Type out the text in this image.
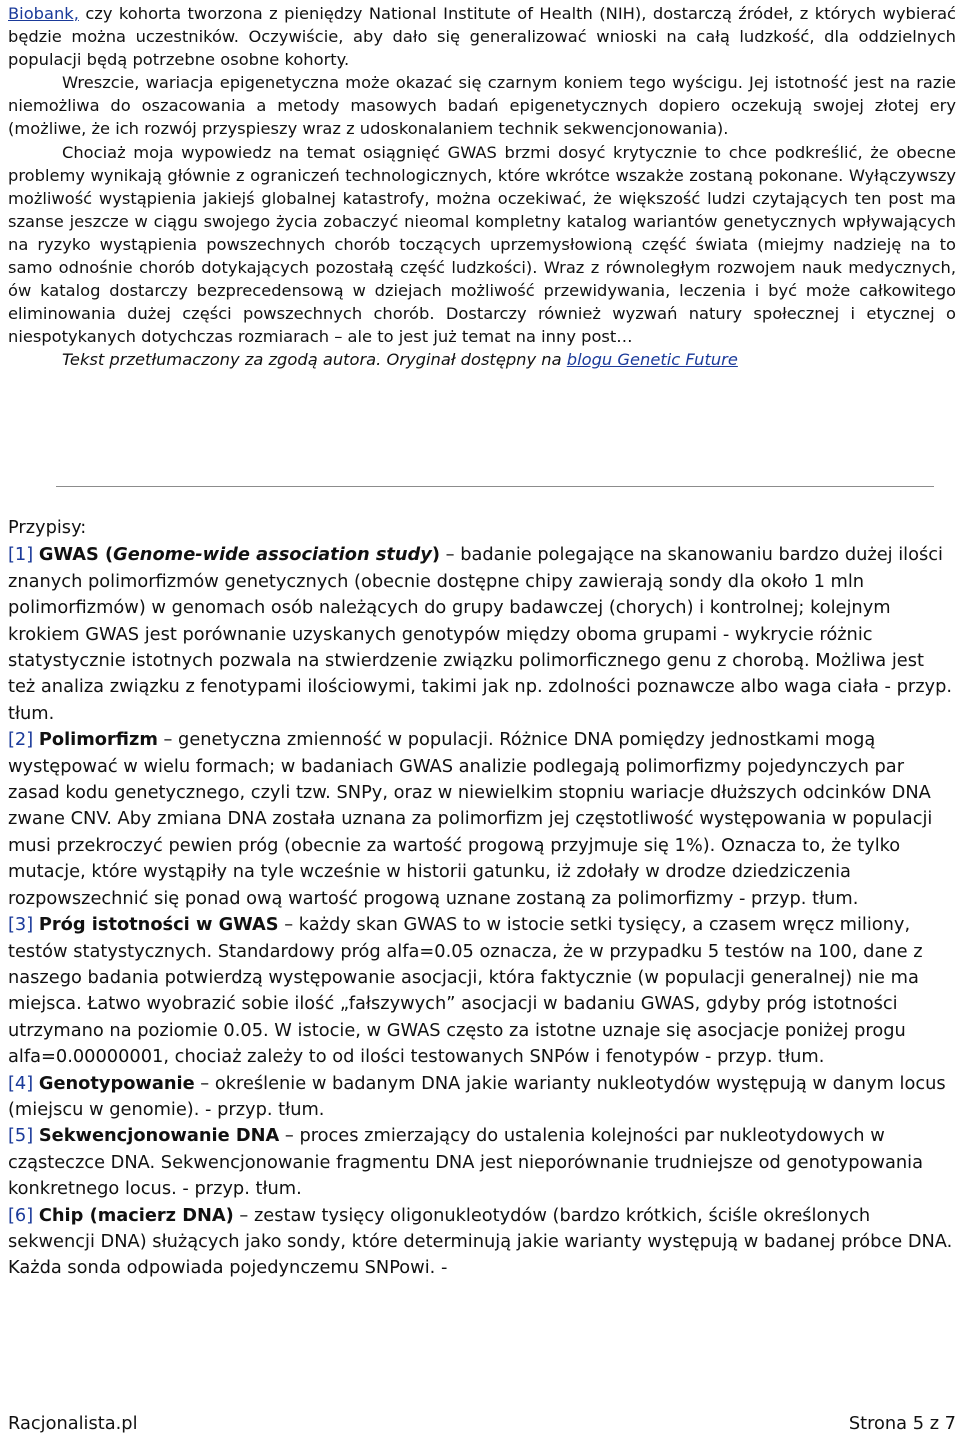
Biobank, czy kohorta tworzona z pieniędzy National Institute of Health (NIH), dostarczą źródeł, z których wybierać będzie można uczestników. Oczywiście, aby dało się generalizować wnioski na całą ludzkość, dla oddzielnych populacji będą potrzebne osobne kohorty.

Wreszcie, wariacja epigenetyczna może okazać się czarnym koniem tego wyścigu. Jej istotność jest na razie niemożliwa do oszacowania a metody masowych badań epigenetycznych dopiero oczekują swojej złotej ery (możliwe, że ich rozwój przyspieszy wraz z udoskonalaniem technik sekwencjonowania).

Chociaż moja wypowiedz na temat osiągnięć GWAS brzmi dosyć krytycznie to chce podkreślić, że obecne problemy wynikają głównie z ograniczeń technologicznych, które wkrótce wszakże zostaną pokonane. Wyłączywszy możliwość wystąpienia jakiejś globalnej katastrofy, można oczekiwać, że większość ludzi czytających ten post ma szanse jeszcze w ciągu swojego życia zobaczyć nieomal kompletny katalog wariantów genetycznych wpływających na ryzyko wystąpienia powszechnych chorób toczących uprzemysłowioną część świata (miejmy nadzieję na to samo odnośnie chorób dotykających pozostałą część ludzkości). Wraz z równoległym rozwojem nauk medycznych, ów katalog dostarczy bezprecedensową w dziejach możliwość przewidywania, leczenia i być może całkowitego eliminowania dużej części powszechnych chorób. Dostarczy również wyzwań natury społecznej i etycznej o niespotykanych dotychczas rozmiarach – ale to jest już temat na inny post…

Tekst przetłumaczony za zgodą autora. Oryginał dostępny na blogu Genetic Future

Przypisy:

[1] GWAS (Genome-wide association study) – badanie polegające na skanowaniu bardzo dużej ilości znanych polimorfizmów genetycznych (obecnie dostępne chipy zawierają sondy dla około 1 mln polimorfizmów) w genomach osób należących do grupy badawczej (chorych) i kontrolnej; kolejnym krokiem GWAS jest porównanie uzyskanych genotypów między oboma grupami - wykrycie różnic statystycznie istotnych pozwala na stwierdzenie związku polimorficznego genu z chorobą. Możliwa jest też analiza związku z fenotypami ilościowymi, takimi jak np. zdolności poznawcze albo waga ciała - przyp. tłum.

[2] Polimorfizm – genetyczna zmienność w populacji. Różnice DNA pomiędzy jednostkami mogą występować w wielu formach; w badaniach GWAS analizie podlegają polimorfizmy pojedynczych par zasad kodu genetycznego, czyli tzw. SNPy, oraz w niewielkim stopniu wariacje dłuższych odcinków DNA zwane CNV. Aby zmiana DNA została uznana za polimorfizm jej częstotliwość występowania w populacji musi przekroczyć pewien próg (obecnie za wartość progową przyjmuje się 1%). Oznacza to, że tylko mutacje, które wystąpiły na tyle wcześnie w historii gatunku, iż zdołały w drodze dziedziczenia rozpowszechnić się ponad ową wartość progową uznane zostaną za polimorfizmy - przyp. tłum.

[3] Próg istotności w GWAS – każdy skan GWAS to w istocie setki tysięcy, a czasem wręcz miliony, testów statystycznych. Standardowy próg alfa=0.05 oznacza, że w przypadku 5 testów na 100, dane z naszego badania potwierdzą występowanie asocjacji, która faktycznie (w populacji generalnej) nie ma miejsca. Łatwo wyobrazić sobie ilość „fałszywych” asocjacji w badaniu GWAS, gdyby próg istotności utrzymano na poziomie 0.05. W istocie, w GWAS często za istotne uznaje się asocjacje poniżej progu alfa=0.00000001, chociaż zależy to od ilości testowanych SNPów i fenotypów - przyp. tłum.

[4] Genotypowanie – określenie w badanym DNA jakie warianty nukleotydów występują w danym locus (miejscu w genomie). - przyp. tłum.

[5] Sekwencjonowanie DNA – proces zmierzający do ustalenia kolejności par nukleotydowych w cząsteczce DNA. Sekwencjonowanie fragmentu DNA jest nieporównanie trudniejsze od genotypowania konkretnego locus. - przyp. tłum.

[6] Chip (macierz DNA) – zestaw tysięcy oligonukleotydów (bardzo krótkich, ściśle określonych sekwencji DNA) służących jako sondy, które determinują jakie warianty występują w badanej próbce DNA. Każda sonda odpowiada pojedynczemu SNPowi. -

Racjonalista.pl	Strona 5 z 7
